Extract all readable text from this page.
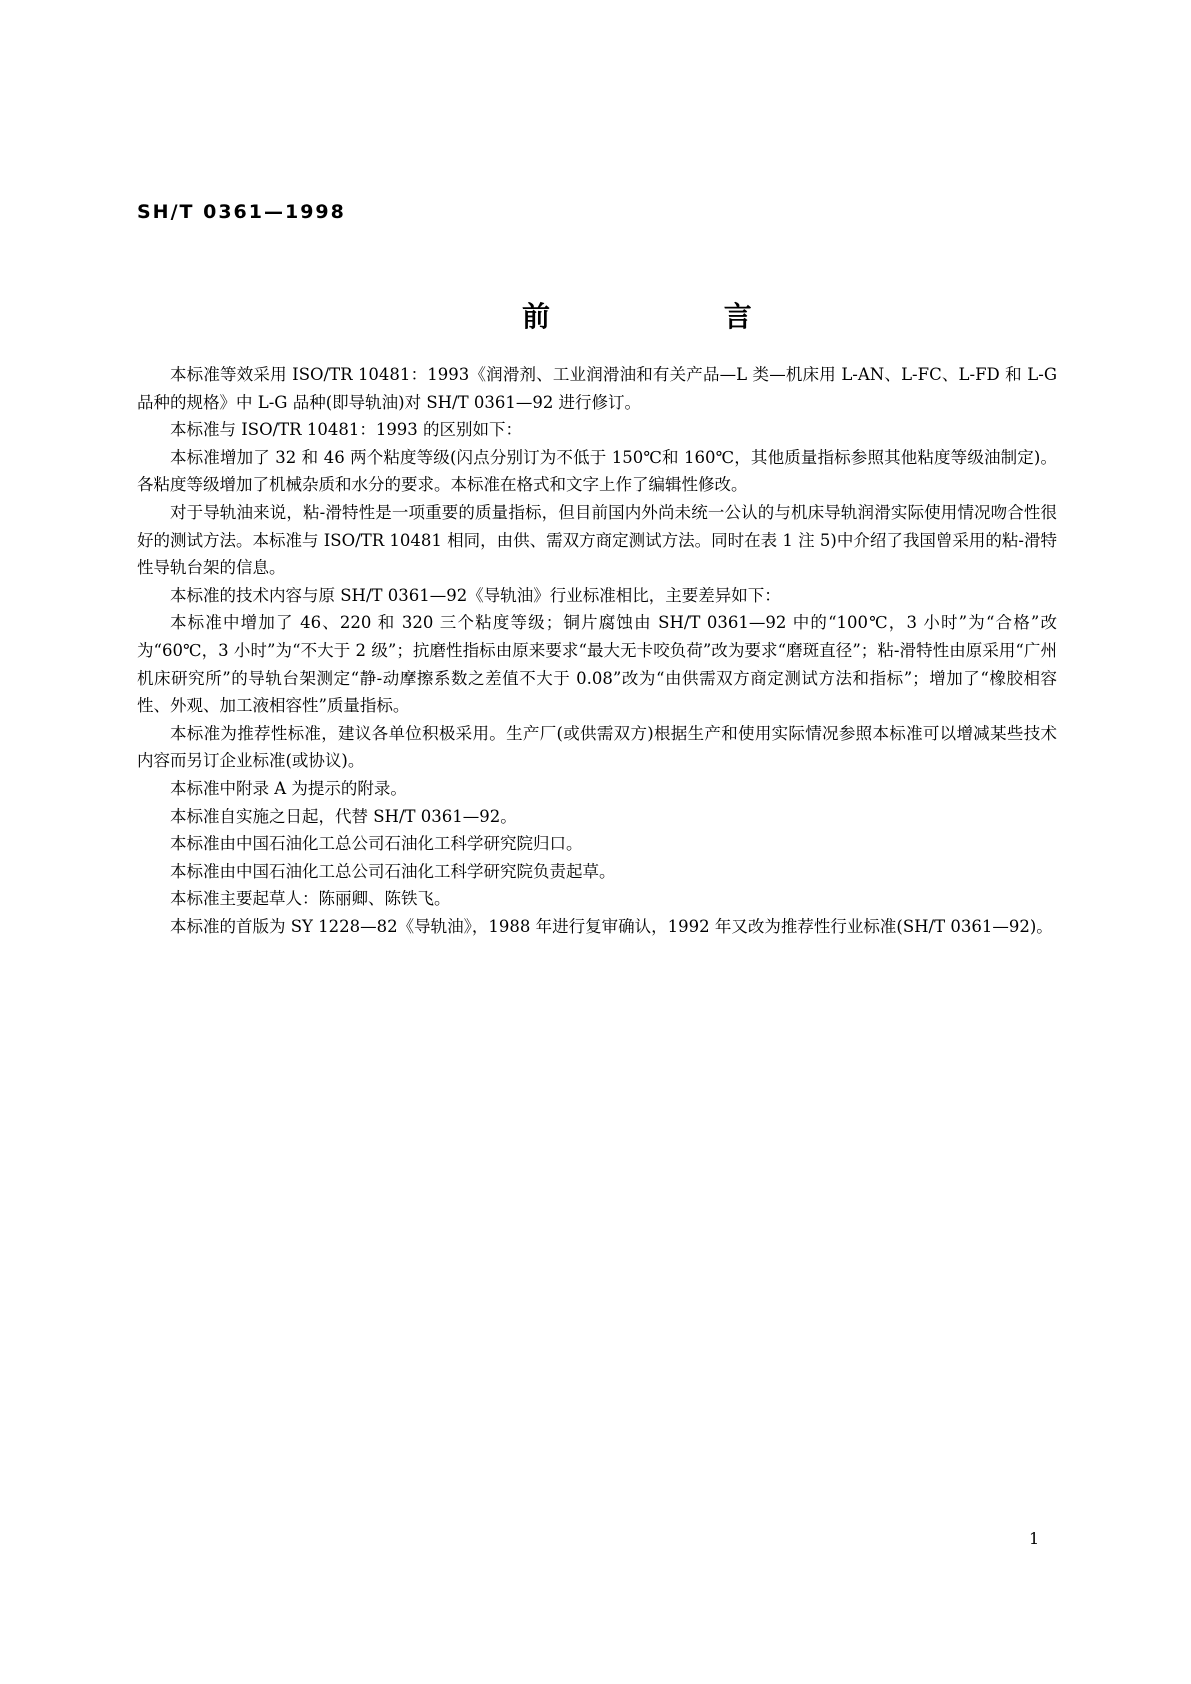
SH/T 0361—1998
前 言

本标准等效采用 ISO/TR 10481：1993《润滑剂、工业润滑油和有关产品—L 类—机床用 L-AN、L-FC、L-FD 和 L-G 品种的规格》中 L-G 品种(即导轨油)对 SH/T 0361—92 进行修订。

本标准与 ISO/TR 10481：1993 的区别如下：

本标准增加了 32 和 46 两个粘度等级(闪点分别订为不低于 150℃和 160℃，其他质量指标参照其他粘度等级油制定)。各粘度等级增加了机械杂质和水分的要求。本标准在格式和文字上作了编辑性修改。

对于导轨油来说，粘-滑特性是一项重要的质量指标，但目前国内外尚未统一公认的与机床导轨润滑实际使用情况吻合性很好的测试方法。本标准与 ISO/TR 10481 相同，由供、需双方商定测试方法。同时在表 1 注 5)中介绍了我国曾采用的粘-滑特性导轨台架的信息。

本标准的技术内容与原 SH/T 0361—92《导轨油》行业标准相比，主要差异如下：

本标准中增加了 46、220 和 320 三个粘度等级；铜片腐蚀由 SH/T 0361—92 中的“100℃，3 小时”为“合格”改为“60℃，3 小时”为“不大于 2 级”；抗磨性指标由原来要求“最大无卡咬负荷”改为要求“磨斑直径”；粘-滑特性由原采用“广州机床研究所”的导轨台架测定“静-动摩擦系数之差值不大于 0.08”改为“由供需双方商定测试方法和指标”；增加了“橡胶相容性、外观、加工液相容性”质量指标。

本标准为推荐性标准，建议各单位积极采用。生产厂(或供需双方)根据生产和使用实际情况参照本标准可以增减某些技术内容而另订企业标准(或协议)。

本标准中附录 A 为提示的附录。

本标准自实施之日起，代替 SH/T 0361—92。

本标准由中国石油化工总公司石油化工科学研究院归口。

本标准由中国石油化工总公司石油化工科学研究院负责起草。

本标准主要起草人：陈丽卿、陈铁飞。

本标准的首版为 SY 1228—82《导轨油》，1988 年进行复审确认，1992 年又改为推荐性行业标准(SH/T 0361—92)。

1
